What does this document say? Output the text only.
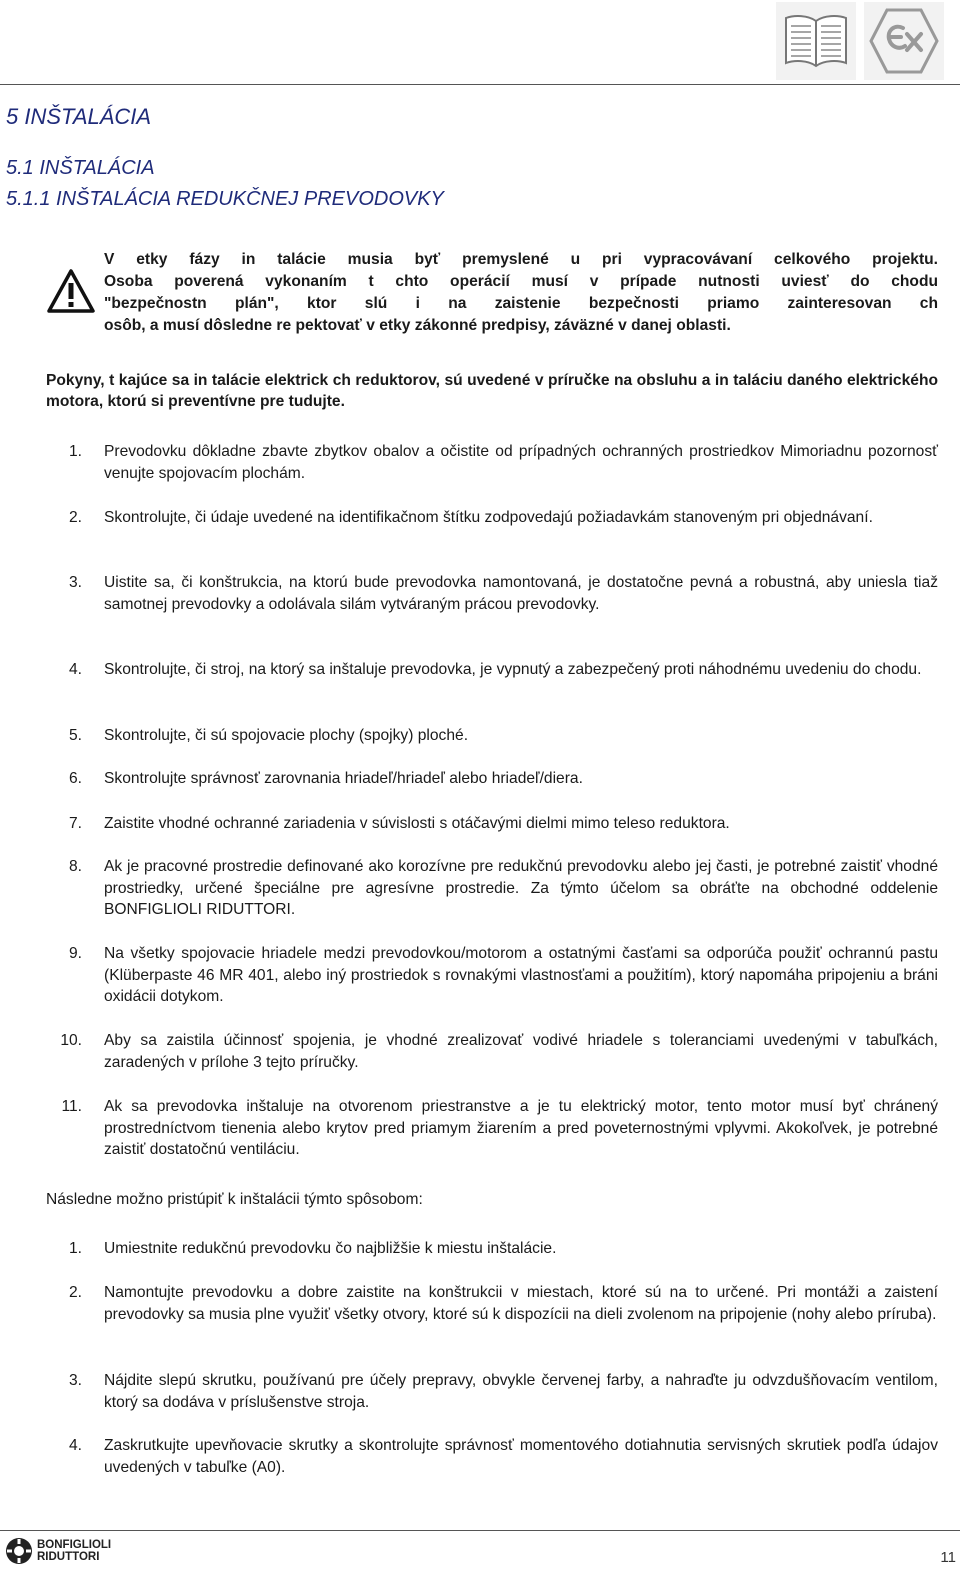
5 INŠTALÁCIA
5.1 INŠTALÁCIA
5.1.1 INŠTALÁCIA REDUKČNEJ PREVODOVKY

V etky fázy in talácie musia byť premyslené u pri vypracovávaní celkového projektu.

Osoba poverená vykonaním t chto operácií musí v prípade nutnosti uviesť do chodu

"bezpečnostn plán", ktor slú i na zaistenie bezpečnosti priamo zainteresovan ch

osôb, a musí dôsledne re pektovať v etky zákonné predpisy, záväzné v danej oblasti.

Pokyny, t kajúce sa in talácie elektrick ch reduktorov, sú uvedené v príručke na obsluhu a in taláciu daného elektrického motora, ktorú si preventívne pre tudujte.

1. Prevodovku dôkladne zbavte zbytkov obalov a očistite od prípadných ochranných prostriedkov Mimoriadnu pozornosť venujte spojovacím plochám.
2. Skontrolujte, či údaje uvedené na identifikačnom štítku zodpovedajú požiadavkám stanoveným pri objednávaní.
3. Uistite sa, či konštrukcia, na ktorú bude prevodovka namontovaná, je dostatočne pevná a robustná, aby uniesla tiaž samotnej prevodovky a odolávala silám vytváraným prácou prevodovky.
4. Skontrolujte, či stroj, na ktorý sa inštaluje prevodovka, je vypnutý a zabezpečený proti náhodnému uvedeniu do chodu.
5. Skontrolujte, či sú spojovacie plochy (spojky) ploché.
6. Skontrolujte správnosť zarovnania hriadeľ/hriadeľ alebo hriadeľ/diera.
7. Zaistite vhodné ochranné zariadenia v súvislosti s otáčavými dielmi mimo teleso reduktora.
8. Ak je pracovné prostredie definované ako korozívne pre redukčnú prevodovku alebo jej časti, je potrebné zaistiť vhodné prostriedky, určené špeciálne pre agresívne prostredie. Za týmto účelom sa obráťte na obchodné oddelenie BONFIGLIOLI RIDUTTORI.
9. Na všetky spojovacie hriadele medzi prevodovkou/motorom a ostatnými časťami sa odporúča použiť ochrannú pastu (Klüberpaste 46 MR 401, alebo iný prostriedok s rovnakými vlastnosťami a použitím), ktorý napomáha pripojeniu a bráni oxidácii dotykom.
10. Aby sa zaistila účinnosť spojenia, je vhodné zrealizovať vodivé hriadele s toleranciami uvedenými v tabuľkách, zaradených v prílohe 3 tejto príručky.
11. Ak sa prevodovka inštaluje na otvorenom priestranstve a je tu elektrický motor, tento motor musí byť chránený prostredníctvom tienenia alebo krytov pred priamym žiarením a pred poveternostnými vplyvmi. Akokoľvek, je potrebné zaistiť dostatočnú ventiláciu.
Následne možno pristúpiť k inštalácii týmto spôsobom:
1. Umiestnite redukčnú prevodovku čo najbližšie k miestu inštalácie.
2. Namontujte prevodovku a dobre zaistite na konštrukcii v miestach, ktoré sú na to určené. Pri montáži a zaistení prevodovky sa musia plne využiť všetky otvory, ktoré sú k dispozícii na dieli zvolenom na pripojenie (nohy alebo príruba).
3. Nájdite slepú skrutku, používanú pre účely prepravy, obvykle červenej farby, a nahraďte ju odvzdušňovacím ventilom, ktorý sa dodáva v príslušenstve stroja.
4. Zaskrutkujte upevňovacie skrutky a skontrolujte správnosť momentového dotiahnutia servisných skrutiek podľa údajov uvedených v tabuľke (A0).
BONFIGLIOLI
RIDUTTORI	11
